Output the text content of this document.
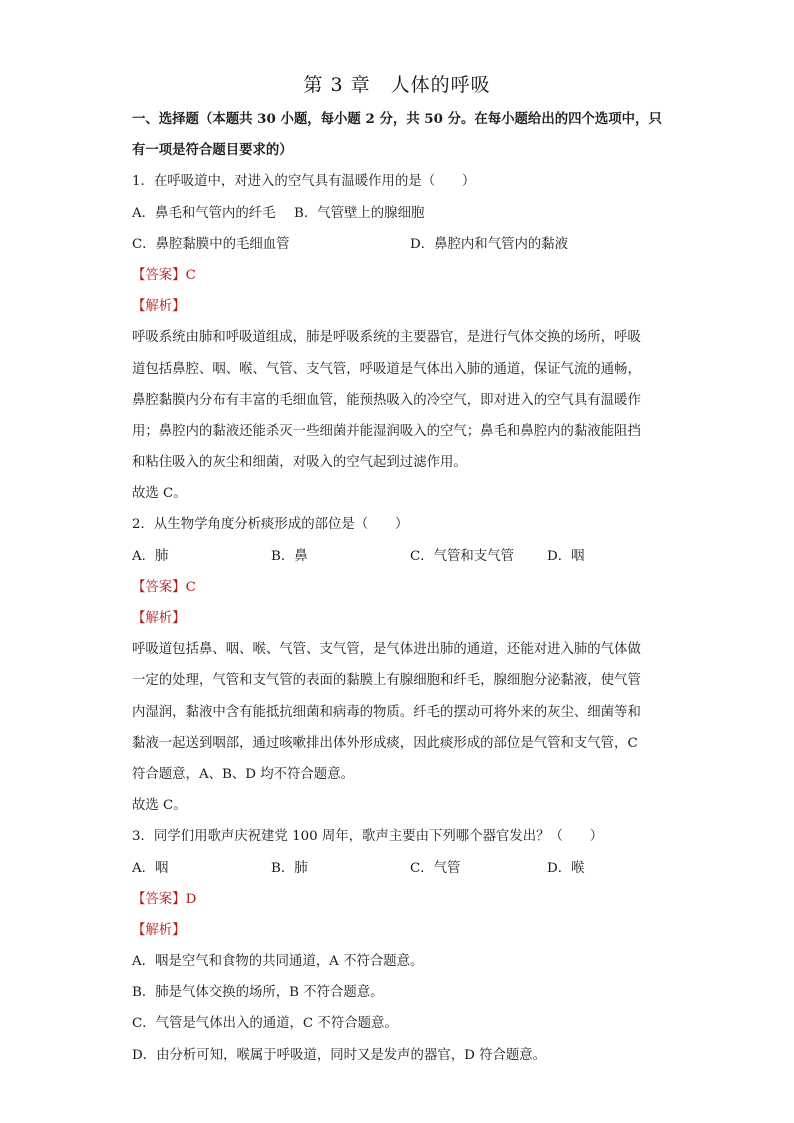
第 3 章　人体的呼吸
一、选择题（本题共 30 小题，每小题 2 分，共 50 分。在每小题给出的四个选项中，只
有一项是符合题目要求的）
1．在呼吸道中，对进入的空气具有温暖作用的是（　　）
A．鼻毛和气管内的纤毛 B．气管壁上的腺细胞
C．鼻腔黏膜中的毛细血管	D．鼻腔内和气管内的黏液
【答案】C
【解析】
呼吸系统由肺和呼吸道组成，肺是呼吸系统的主要器官，是进行气体交换的场所，呼吸
道包括鼻腔、咽、喉、气管、支气管，呼吸道是气体出入肺的通道，保证气流的通畅，
鼻腔黏膜内分布有丰富的毛细血管，能预热吸入的冷空气，即对进入的空气具有温暖作
用；鼻腔内的黏液还能杀灭一些细菌并能湿润吸入的空气；鼻毛和鼻腔内的黏液能阻挡
和粘住吸入的灰尘和细菌，对吸入的空气起到过滤作用。
故选 C。
2．从生物学角度分析痰形成的部位是（　　）
A．肺	B．鼻	C．气管和支气管 D．咽
【答案】C
【解析】
呼吸道包括鼻、咽、喉、气管、支气管，是气体进出肺的通道，还能对进入肺的气体做
一定的处理，气管和支气管的表面的黏膜上有腺细胞和纤毛，腺细胞分泌黏液，使气管
内湿润，黏液中含有能抵抗细菌和病毒的物质。纤毛的摆动可将外来的灰尘、细菌等和
黏液一起送到咽部，通过咳嗽排出体外形成痰，因此痰形成的部位是气管和支气管，C
符合题意，A、B、D 均不符合题意。
故选 C。
3．同学们用歌声庆祝建党 100 周年，歌声主要由下列哪个器官发出？（　　）
A．咽	B．肺	C．气管	D．喉
【答案】D
【解析】
A．咽是空气和食物的共同通道，A 不符合题意。
B．肺是气体交换的场所，B 不符合题意。
C．气管是气体出入的通道，C 不符合题意。
D．由分析可知，喉属于呼吸道，同时又是发声的器官，D 符合题意。
